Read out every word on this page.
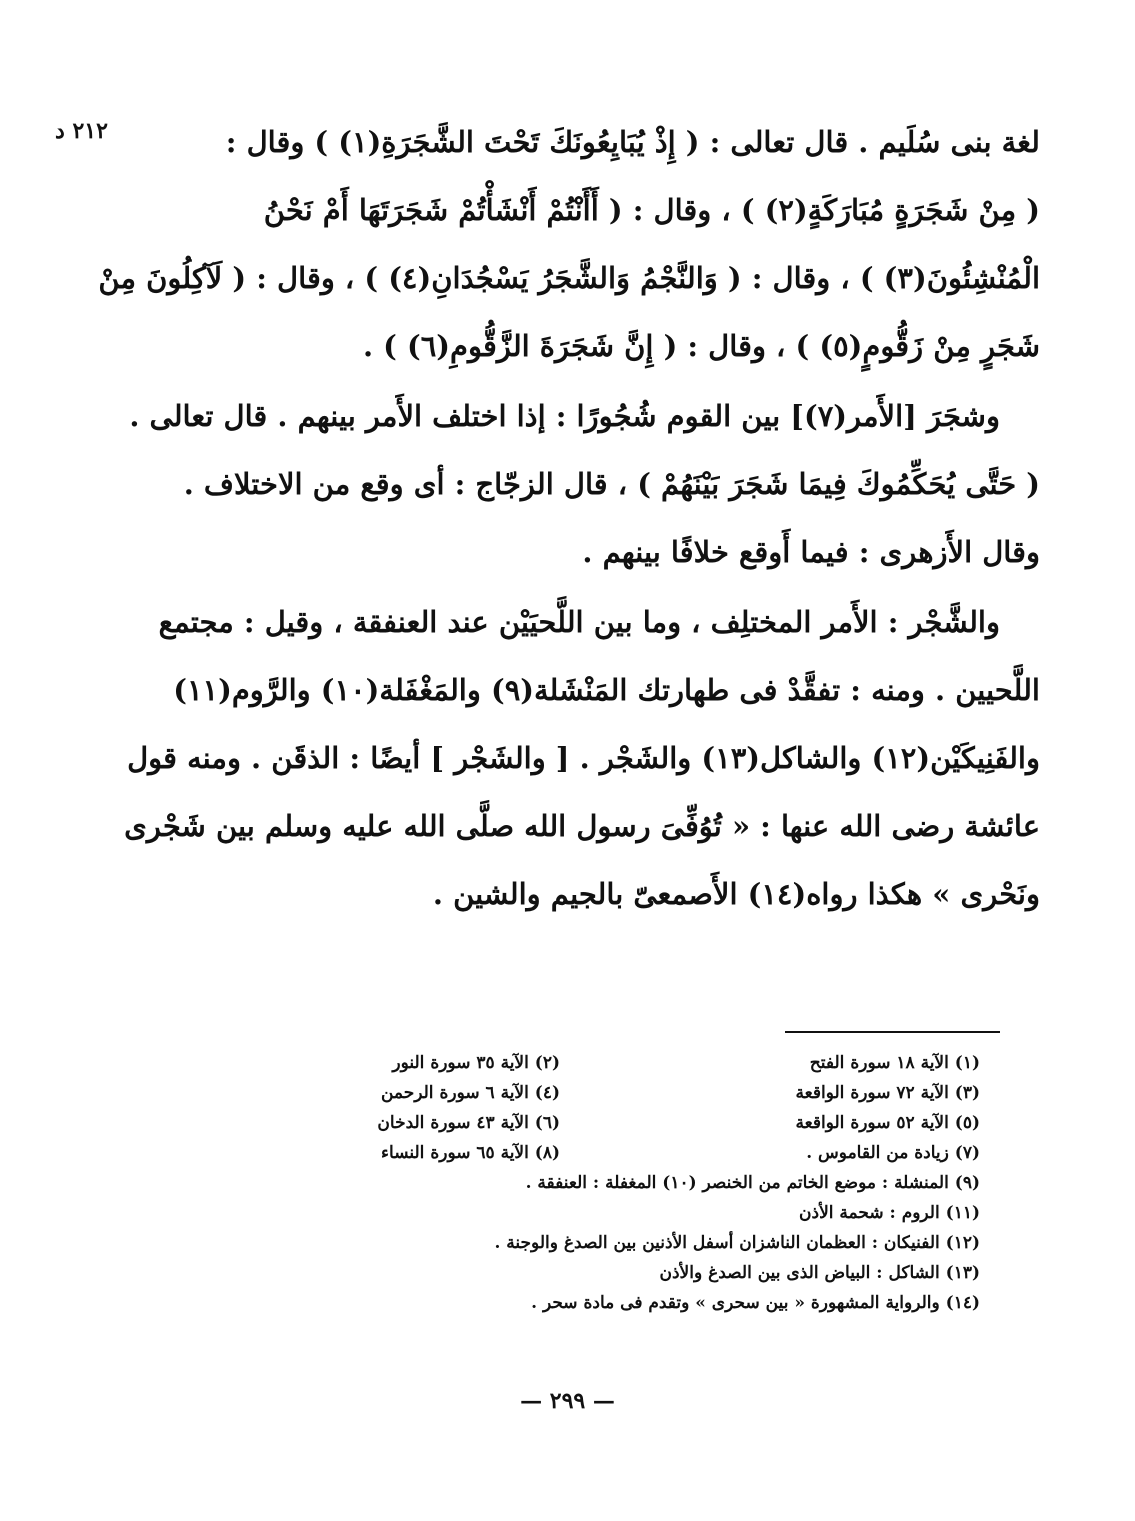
٢١٢ د	لغة بنى سُلَيم . قال تعالى : ( إِذْ يُبَايِعُونَكَ تَحْتَ الشَّجَرَةِ(١) ) وقال :
( مِنْ شَجَرَةٍ مُبَارَكَةٍ(٢) ) ، وقال : ( أَأَنْتُمْ أَنْشَأْتُمْ شَجَرَتَهَا أَمْ نَحْنُ
الْمُنْشِئُونَ(٣) ) ، وقال : ( وَالنَّجْمُ وَالشَّجَرُ يَسْجُدَانِ(٤) ) ، وقال : ( لَآكِلُونَ مِنْ
شَجَرٍ مِنْ زَقُّومٍ(٥) ) ، وقال : ( إِنَّ شَجَرَةَ الزَّقُّومِ(٦) ) .
وشجَرَ [الأَمر(٧)] بين القوم شُجُورًا : إذا اختلف الأَمر بينهم . قال تعالى .
( حَتَّى يُحَكِّمُوكَ فِيمَا شَجَرَ بَيْنَهُمْ ) ، قال الزجّاج : أى وقع من الاختلاف .
وقال الأَزهرى : فيما أَوقع خلافًا بينهم .
والشَّجْر : الأَمر المختلِف ، وما بين اللَّحيَيْن عند العنفقة ، وقيل : مجتمع
اللَّحيين . ومنه : تفقَّدْ فى طهارتك المَنْشَلة(٩) والمَغْفَلة(١٠) والرَّوم(١١)
والفَنِيكَيْن(١٢) والشاكل(١٣) والشَجْر . [ والشَجْر ] أيضًا : الذقَن . ومنه قول
عائشة رضى الله عنها : « تُوُفِّىَ رسول الله صلَّى الله عليه وسلم بين شَجْرى
ونَحْرى » هكذا رواه(١٤) الأَصمعىّ بالجيم والشين .
(١) الآية ١٨ سورة الفتح
(٢) الآية ٣٥ سورة النور
(٣) الآية ٧٢ سورة الواقعة
(٤) الآية ٦ سورة الرحمن
(٥) الآية ٥٢ سورة الواقعة
(٦) الآية ٤٣ سورة الدخان
(٧) زيادة من القاموس .
(٨) الآية ٦٥ سورة النساء
(٩) المنشلة : موضع الخاتم من الخنصر (١٠) المغفلة : العنفقة .
(١١) الروم : شحمة الأذن
(١٢) الفنيكان : العظمان الناشزان أسفل الأذنين بين الصدغ والوجنة .
(١٣) الشاكل : البياض الذى بين الصدغ والأذن
(١٤) والرواية المشهورة « بين سحرى » وتقدم فى مادة سحر .
— ٢٩٩ —
